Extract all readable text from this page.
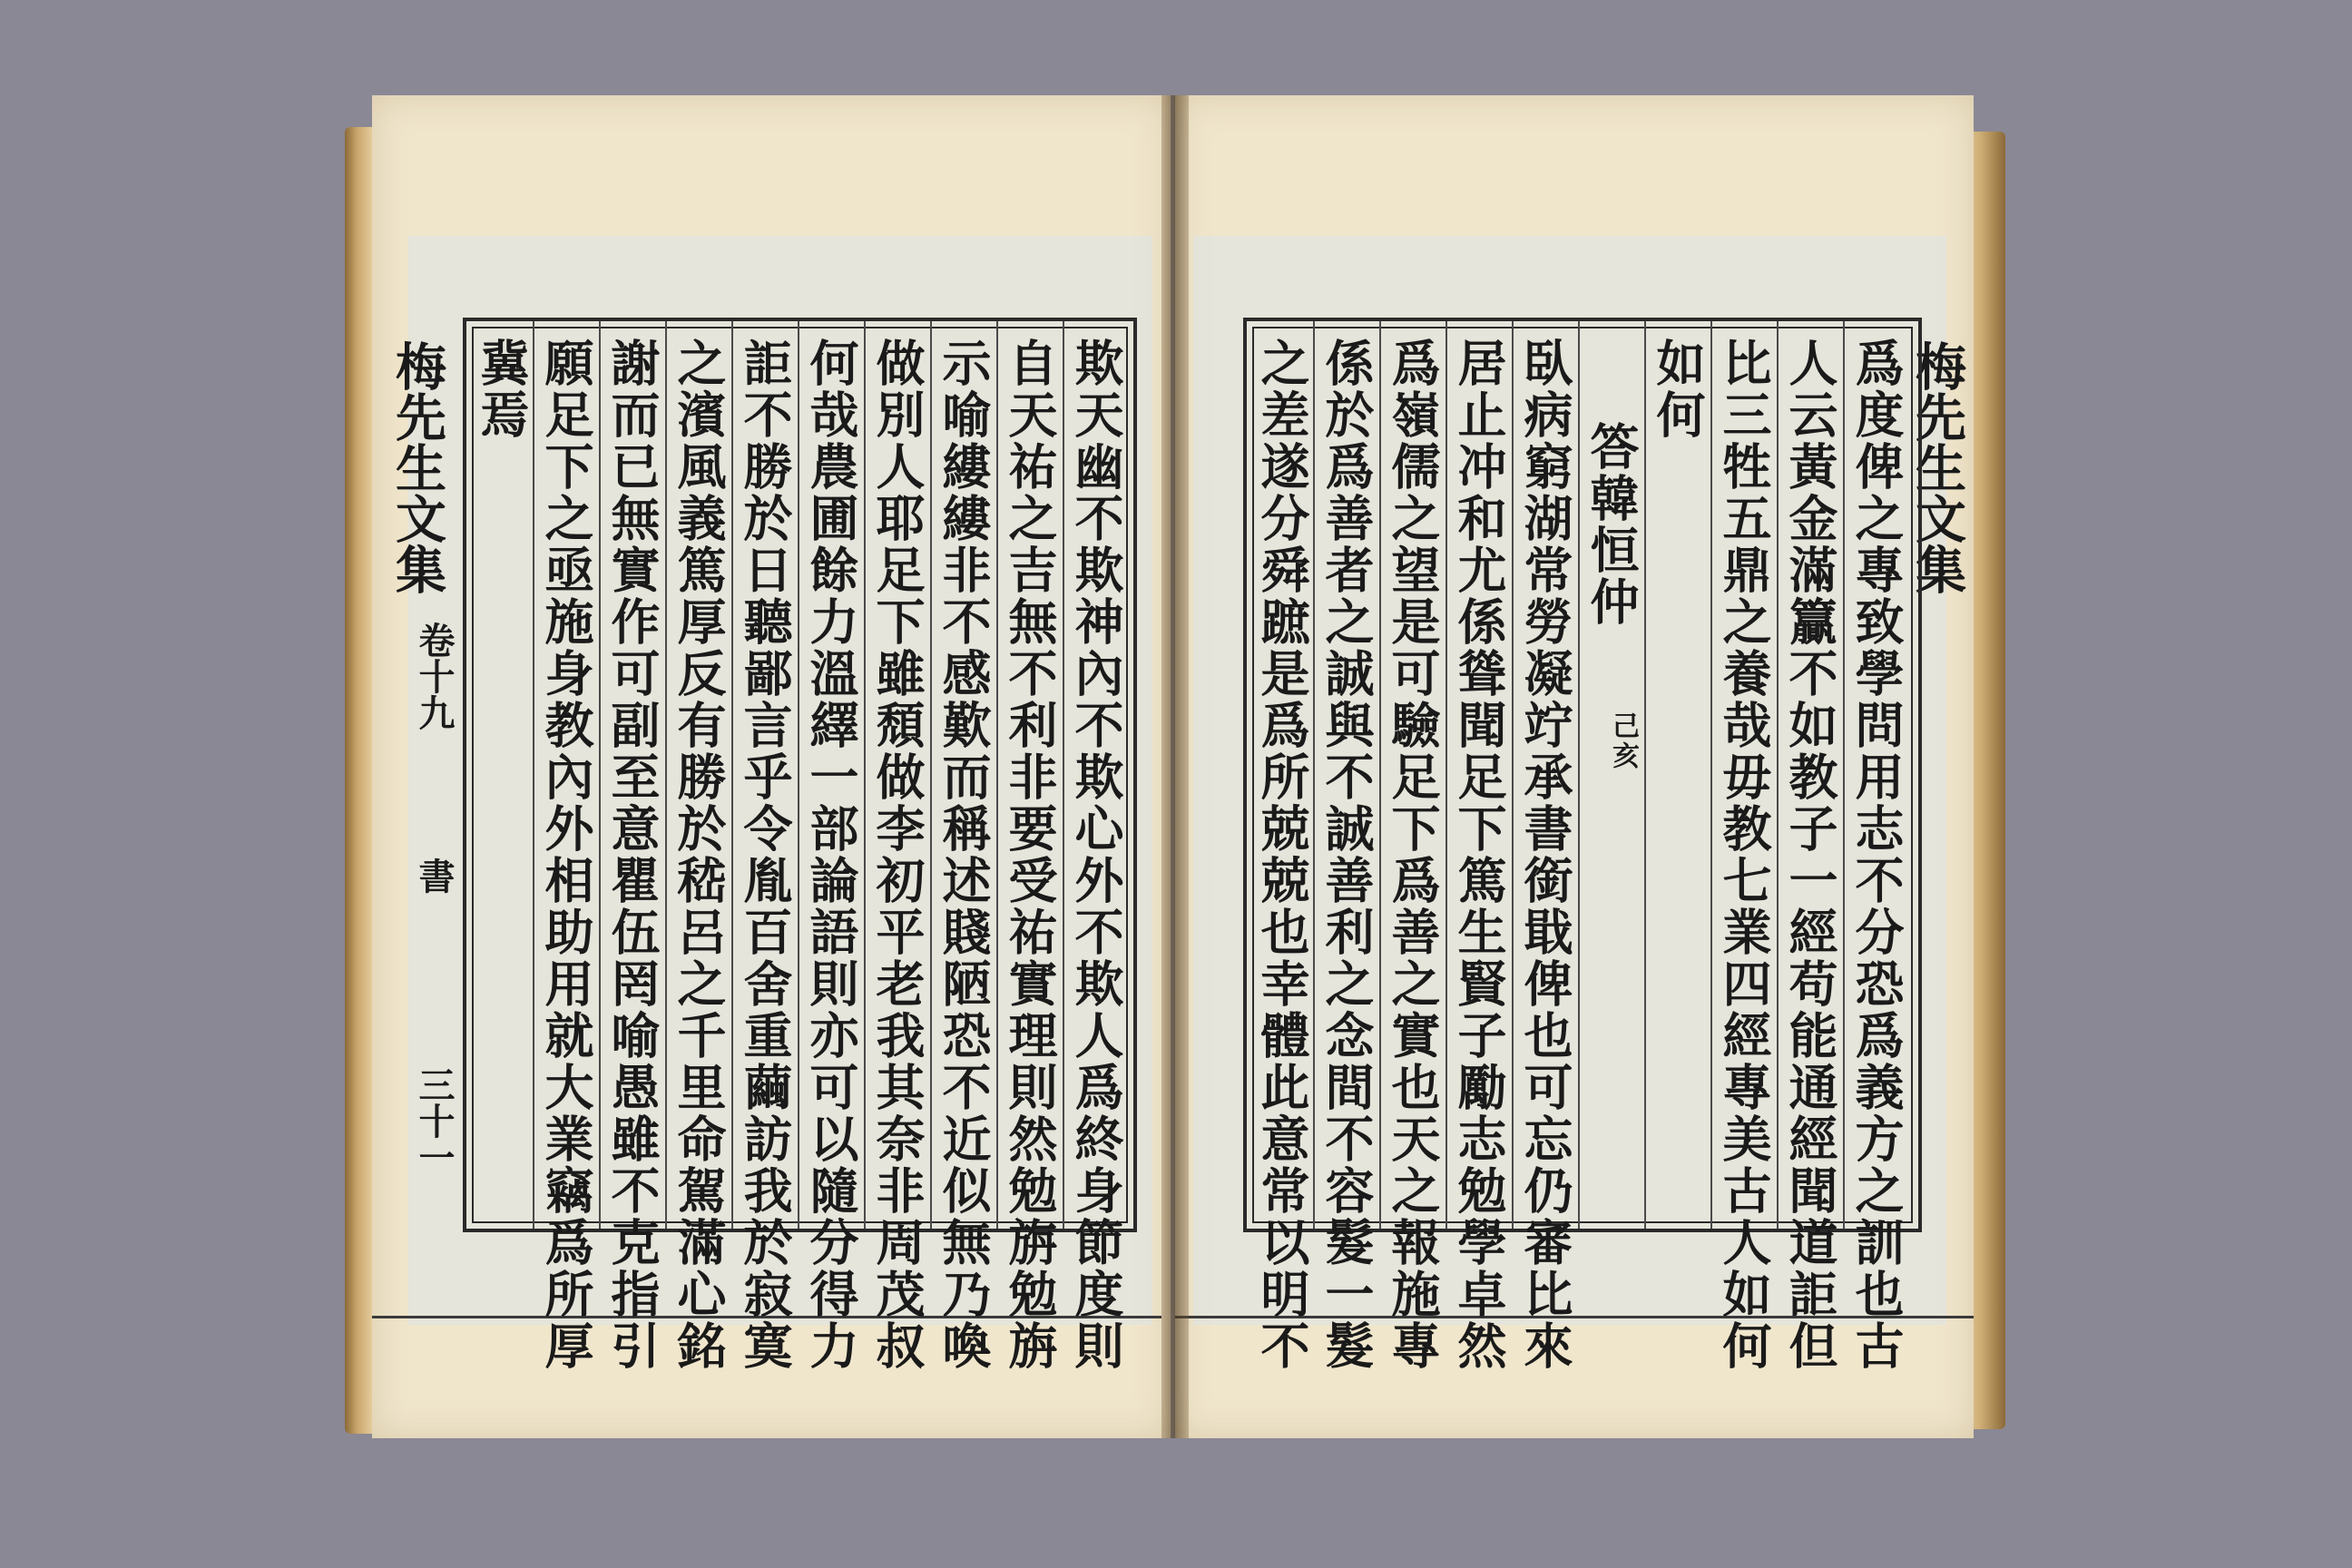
梅先生文集
卷十九
書
三十一	欺天幽不欺神內不欺心外不欺人爲終身節度則
自天祐之吉無不利非要受祐實理則然勉旃勉旃
示喻縷縷非不感歎而稱述賤陋恐不近似無乃喚
做別人耶足下雖頹做李初平老我其奈非周茂叔
何哉農圃餘力溫繹一部論語則亦可以隨分得力
詎不勝於日聽鄙言乎令胤百舍重繭訪我於寂寞
之濱風義篤厚反有勝於嵇呂之千里命駕滿心銘
謝而已無實作可副至意瞿伍罔喻愚雖不克指引
願足下之亟施身教內外相助用就大業竊爲所厚
冀焉	梅先生文集
爲度俾之專致學問用志不分恐爲義方之訓也古
人云黃金滿籯不如教子一經苟能通經聞道詎但
比三牲五鼎之養哉毋教七業四經專美古人如何
如何
答韓恒仲
己亥
臥病窮湖常勞凝竚承書銜戢俾也可忘仍審比來
居止冲和尤係聳聞足下篤生賢子勵志勉學卓然
爲嶺儒之望是可驗足下爲善之實也天之報施專
係於爲善者之誠與不誠善利之念間不容髮一髮
之差遂分舜蹠是爲所兢兢也幸體此意常以明不
